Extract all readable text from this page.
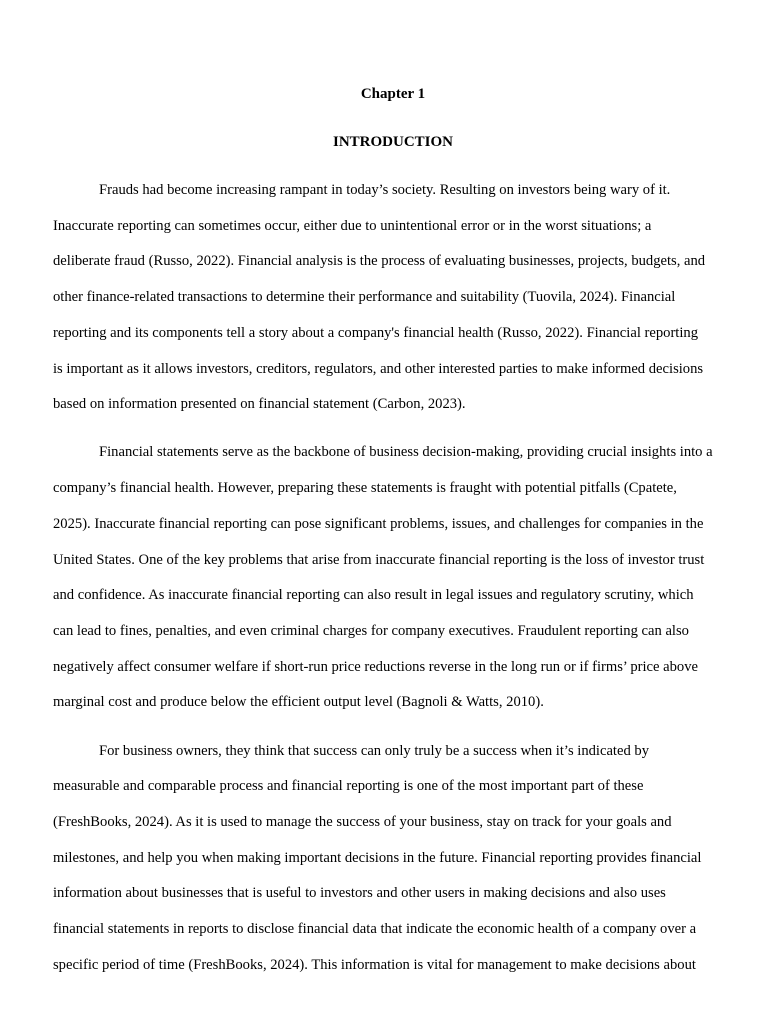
Chapter 1
INTRODUCTION

Frauds had become increasing rampant in today’s society. Resulting on investors being wary of it.
Inaccurate reporting can sometimes occur, either due to unintentional error or in the worst situations; a
deliberate fraud (Russo, 2022). Financial analysis is the process of evaluating businesses, projects, budgets, and
other finance-related transactions to determine their performance and suitability (Tuovila, 2024). Financial
reporting and its components tell a story about a company's financial health (Russo, 2022). Financial reporting
is important as it allows investors, creditors, regulators, and other interested parties to make informed decisions
based on information presented on financial statement (Carbon, 2023).

Financial statements serve as the backbone of business decision-making, providing crucial insights into a
company’s financial health. However, preparing these statements is fraught with potential pitfalls (Cpatete,
2025). Inaccurate financial reporting can pose significant problems, issues, and challenges for companies in the
United States. One of the key problems that arise from inaccurate financial reporting is the loss of investor trust
and confidence. As inaccurate financial reporting can also result in legal issues and regulatory scrutiny, which
can lead to fines, penalties, and even criminal charges for company executives. Fraudulent reporting can also
negatively affect consumer welfare if short-run price reductions reverse in the long run or if firms’ price above
marginal cost and produce below the efficient output level (Bagnoli & Watts, 2010).

For business owners, they think that success can only truly be a success when it’s indicated by
measurable and comparable process and financial reporting is one of the most important part of these
(FreshBooks, 2024). As it is used to manage the success of your business, stay on track for your goals and
milestones, and help you when making important decisions in the future. Financial reporting provides financial
information about businesses that is useful to investors and other users in making decisions and also uses
financial statements in reports to disclose financial data that indicate the economic health of a company over a
specific period of time (FreshBooks, 2024). This information is vital for management to make decisions about
